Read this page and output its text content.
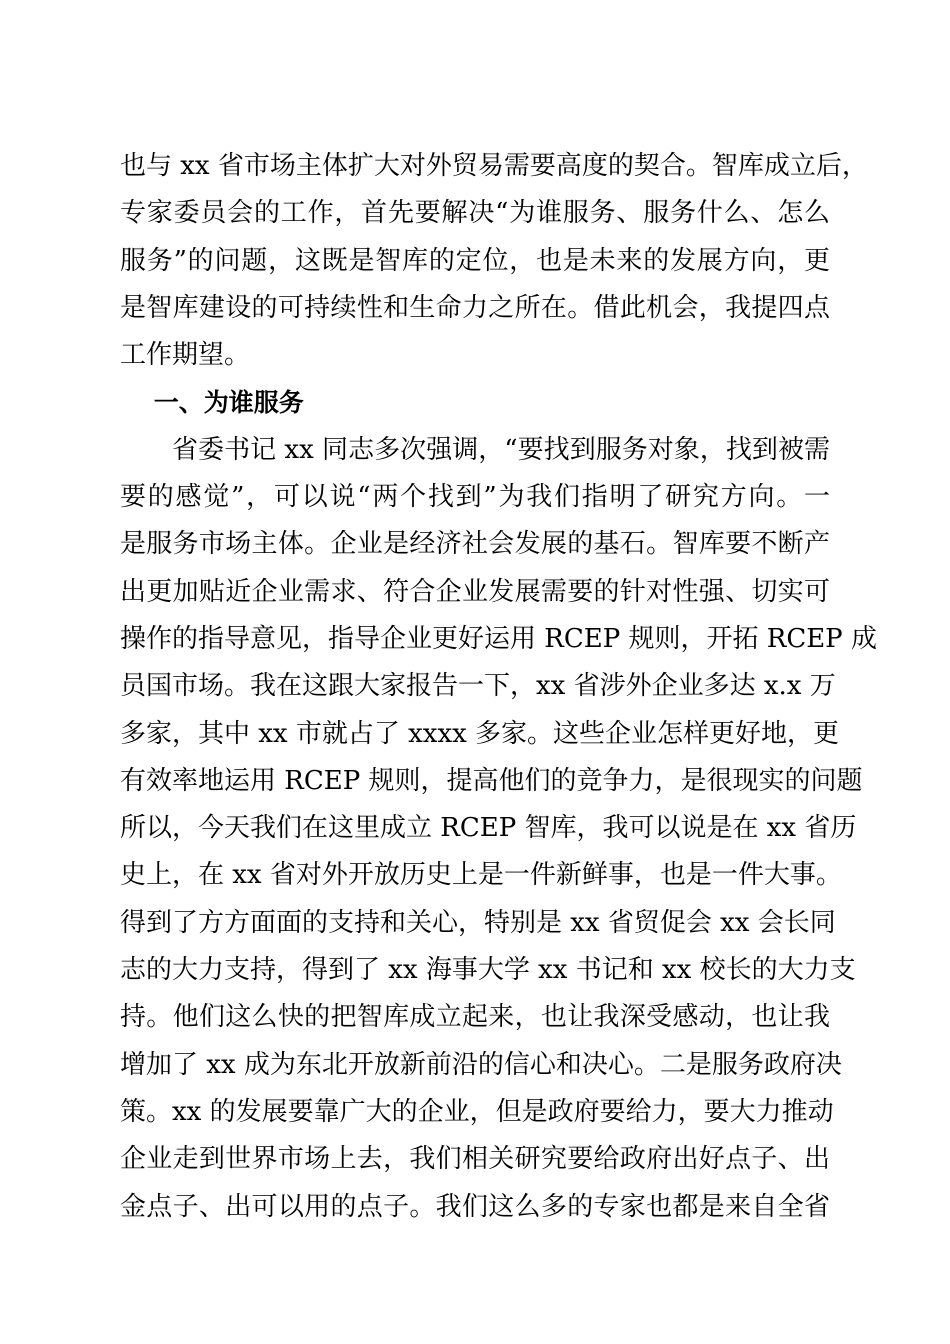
也与 xx 省市场主体扩大对外贸易需要高度的契合。智库成立后，
专家委员会的工作，首先要解决“为谁服务、服务什么、怎么
服务”的问题，这既是智库的定位，也是未来的发展方向，更
是智库建设的可持续性和生命力之所在。借此机会，我提四点
工作期望。
一、为谁服务
省委书记 xx 同志多次强调，“要找到服务对象，找到被需
要的感觉”，可以说“两个找到”为我们指明了研究方向。一
是服务市场主体。企业是经济社会发展的基石。智库要不断产
出更加贴近企业需求、符合企业发展需要的针对性强、切实可
操作的指导意见，指导企业更好运用 RCEP 规则，开拓 RCEP 成
员国市场。我在这跟大家报告一下，xx 省涉外企业多达 x.x 万
多家，其中 xx 市就占了 xxxx 多家。这些企业怎样更好地，更
有效率地运用 RCEP 规则，提高他们的竞争力，是很现实的问题
所以，今天我们在这里成立 RCEP 智库，我可以说是在 xx 省历
史上，在 xx 省对外开放历史上是一件新鲜事，也是一件大事。
得到了方方面面的支持和关心，特别是 xx 省贸促会 xx 会长同
志的大力支持，得到了 xx 海事大学 xx 书记和 xx 校长的大力支
持。他们这么快的把智库成立起来，也让我深受感动，也让我
增加了 xx 成为东北开放新前沿的信心和决心。二是服务政府决
策。xx 的发展要靠广大的企业，但是政府要给力，要大力推动
企业走到世界市场上去，我们相关研究要给政府出好点子、出
金点子、出可以用的点子。我们这么多的专家也都是来自全省
